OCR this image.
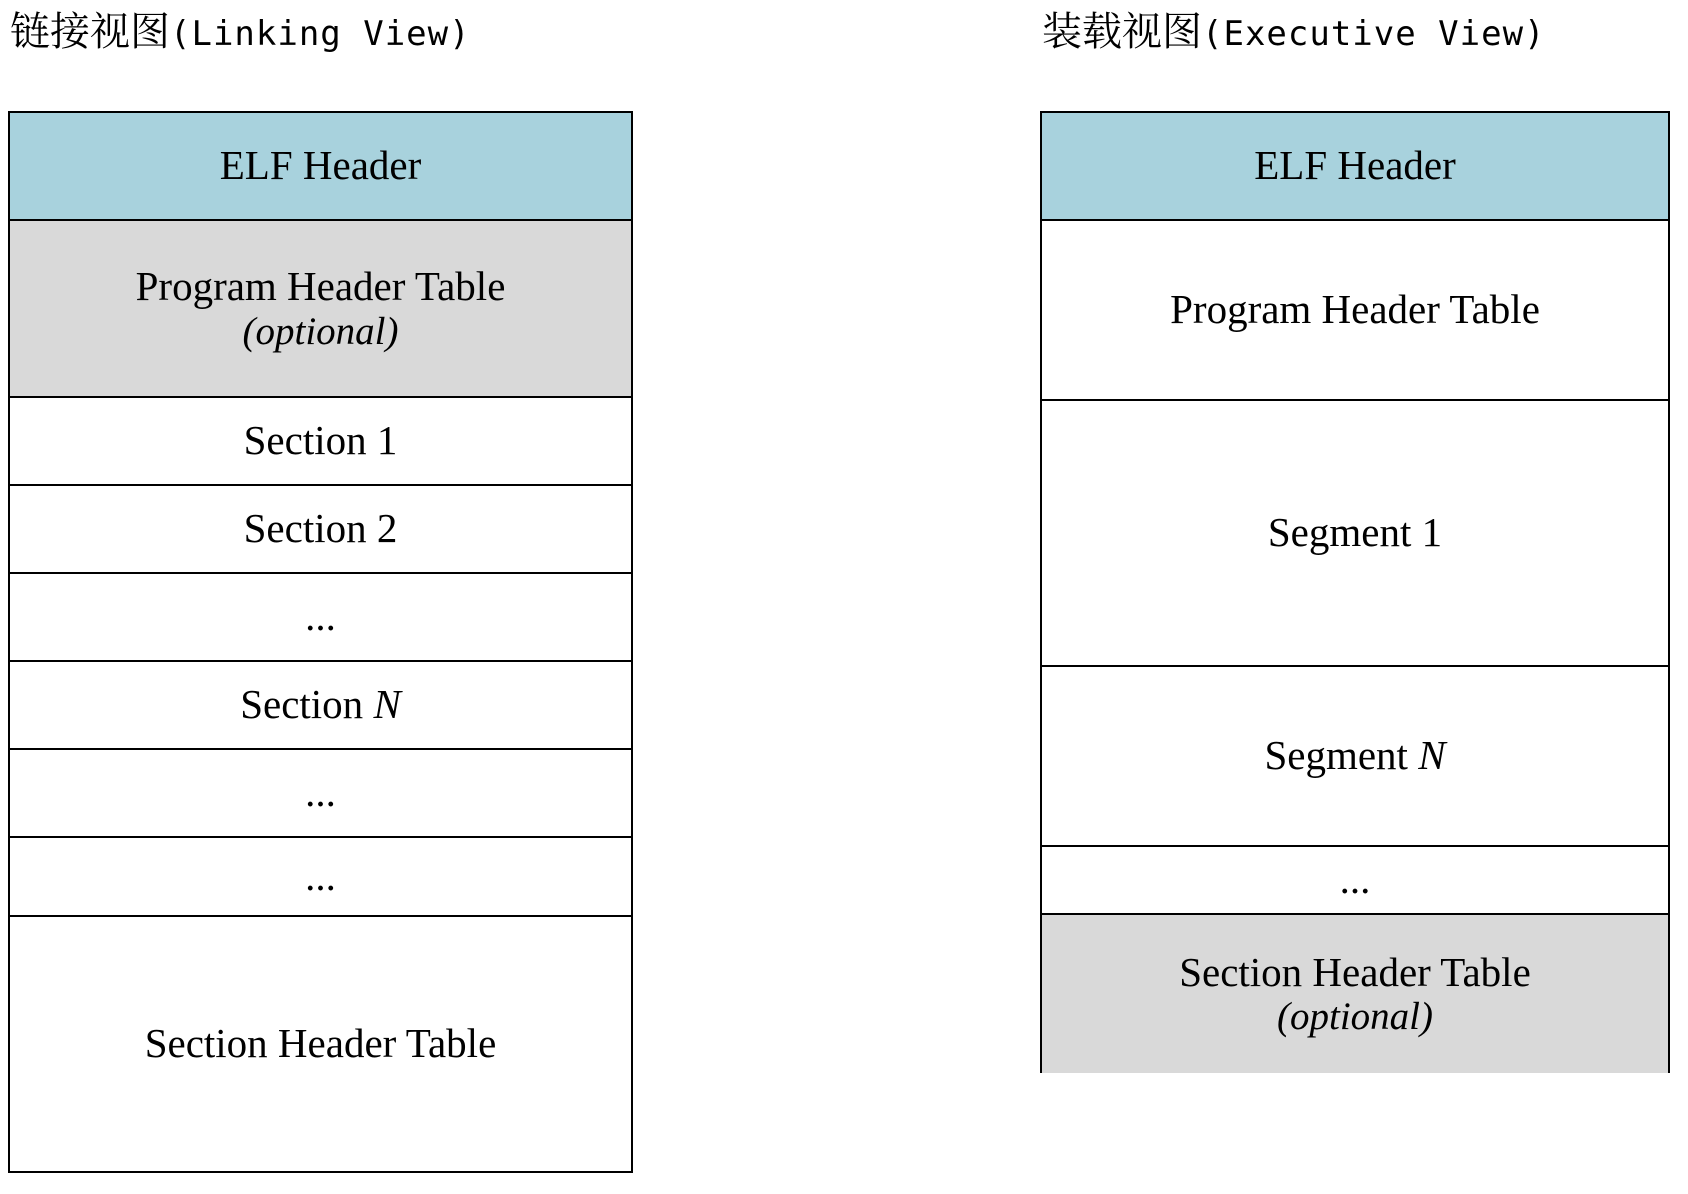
链接视图(Linking View)
ELF Header
Program Header Table
(optional)
Section 1
Section 2
...
Section N
...
...
Section Header Table
装载视图(Executive View)
ELF Header
Program Header Table
Segment 1
Segment N
...
Section Header Table
(optional)
